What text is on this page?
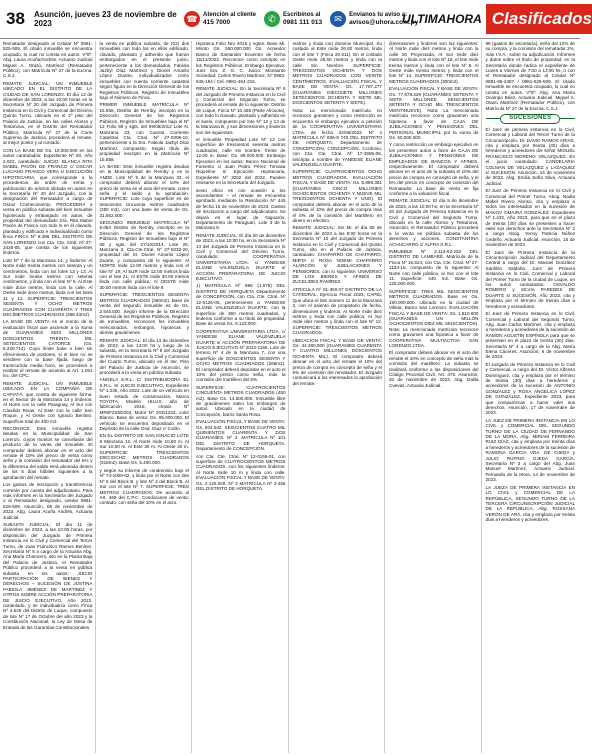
38	Asunción, jueves 23 de noviembre de 2023	☎ Atención al cliente
415 7000	✆	Escribinos al
0981 111 013	✉	Envianos tu aviso a:
avisos@uhora.com.py
ULTIMAHORA Clasificados

Rematador designado al Celular Nº 0981-525-509. El citado inmueble se encuentra ocupado, lo cual no consta en autos. Vº8º: Abg. Laura Acuña/Andrés, Actuario Judicial Miguel A. Otazú, Martínez (Rematador Público), con Matrícula Nº 27 de la Excma. C.S.J.

REMATE JUDICIAL: UN INMUEBLE UBICADO EN EL DISTRITO DE LA CIUDAD DE SAN LORENZO. El día 13 de diciembre de 2023, a las 10:00 horas en la Secretaría Nº 20 del Juzgado de Primera Instancia en lo Civil y Comercial del Décimo Quinto Turno, ubicado en el 2º piso del Palacio de Justicia, en las calles Alonso y Testanova, en el Distrito del Rematador Público, Matrícula Nº 27 de la Corte Suprema de Justicia, procederá al remate, al mejor postor y al contado.

CON LA BASE DE Gs. 16.000.000 en los autos caratulados: Expediente Nº 50, Año 2.022, caratulado: JUICIO: BLANCA RITA MABEL PAVÓN DE FRANCO c/ OSCAR LUCIANO FRANCO VERA s/ EJECUCIÓN HIPOTECARIA, que corresponde a la procedencia de orden de venta y publicación de edictos dictada en autos en la Secretaría Nº 20 del Juzgado, con la designación del Rematador a cargo de Oscar Conhecimiento, PROCEDERÁ a venta en pública subasta del bien inmueble hipotecado y embargado en autos, de propiedad del demandado Sra. Rita Mabel Pavón de Franco con todo lo en él clavado, plantado y edificado e individualizado como finca FINCA Nº 8.396 DEL DISTRITO DE SAN LORENZO con Cta. Cte. Ctral. Nº 27-3426-05, que consta de los siguientes linderos.

Lote Nº 7 de la Manzana 14, y linderos: Al Norte mide treinta metros con setenta y un centímetros, linda con los lotes 13 y 13. Al Sur mide treinta metros con setenta centímetros, y linda con el lote Nº 6. Al Este mide doce metros, linda con la calle. Al Oeste mide doce metros, linda con los lotes 11 y 12. SUPERFICIE: TRESCIENTOS SESENTA Y OCHO METROS CUADRADOS CON CUARENTA Y TRES DECÍMETROS CUADRADOS (368.43m2).

LA BASE DE VENTA es el monto de la evaluación fiscal que asciende a la suma de GUARANÍES SEIS MILLONES DOSCIENTOS TREINTA MIL SETECIENTOS CATORCE (Gs. 6.230.714). Cuyo límite base o bien sin ofrecimiento de postores, si el bien no se vendiere con la base fijada, luego de transcurrida media hora, se procederá a realizar el remate de acuerdo al Art. 1.091 inc. del CPC.

REMATE JUDICIAL: UN INMUEBLE UBICADO EN LA COMPAÑÍA DE CAPIATÁ, que consta de siguiente forma: en el Sector de la Manzana 14 y linderos: Al Norte con la calle Paraguay, Al Sur con Cándido Rivas, Al Este con la calle San Roque, y Al Oeste con Ignacio Benítez. Superficie total de 400 m2.

RECONOCE: Este inmueble registra deudas en la Municipalidad de San Lorenzo, cuyos montos se cancelarán del producto de la venta del inmueble. El comprador deberá abonar en el acto del remate el 10% del precio de venta como seña y la comisión del rematador del 5% y la diferencia del saldo será abonada dentro de los 5 días hábiles siguientes a la aprobación del remate.

Los gastos de inscripción y transferencia correrán por cuenta del adjudicatario. Para más informes en la Secretaría del Juzgado o al Rematador designado, celular 0981-525-509. Asunción, 08 de noviembre de 2023. Abg. Laura Acuña Andrés, Actuaria Judicial.

SUBASTA JUDICIAL: El día 11 de diciembre de 2023, a las 10:00 horas, por disposición del Juzgado de Primera Instancia en lo Civil y Comercial del Tercer Turno, de Juan Francisco Ramos Benítez, Secretaría Nº 5 a cargo de la Actuaria Abg. Ana María Chamorro, sito en la Planta Baja del Palacio de Justicia, el Rematador Público procederá a la venta en pública subasta en los autos: JUICIO PARTICIPACIÓN DE BIENES Y DERECHOS – SUCESIÓN DE JUSTINA FABIOLA JIMÉNEZ DE MARTÍNEZ Y OTROS SOBRE ACCIÓN PREPARATORIA DE JUICIO EJECUTIVO, Año 2022, caratulado, y se individualiza como Finca Nº 4.526 del Distrito de Luque, compuesto de lote Nº 17 de Octubre del año 2023 y la Constitución Nacional, la Ley de Mesa de Entrada de las Garantías Constitucionales.

la venta en pública subasta, de (02) dos inmuebles con todo los en ellos edificado, clavado, plantado y adherido que fueran embargados en el presente juicio, perteneciente a los demandados, Fabiola Jazbyl Díaz Martínez y Dionel Amarilo López Duarte, individualizados como inmuebles con cuenta corriente catastral según figura en la Dirección General de los Registros Públicos, Registro de Inmuebles bajo el Número de Finca.

PRIMER INMUEBLE MATRÍCULA Nº 15.858, Distrito de Remby, inscripto en la Dirección General de los Registros Públicos, Registro de Inmuebles bajo el Nº 12 Folio 69 y sgts. del 09/08/2012 Lote N. Manzana 33, con Cuenta Corriente Catastral Cta. Ctral. Nº 27-0308-10, perteneciente a la Sra. Fabiola Jazbyl Díaz Martínez, compuesto. Según título de propiedad inscripto en la Matrícula Nº 15.858.

LA BASE: Este inmueble registra deudas en la Municipalidad de Remby y en la ANDE. Lote Nº 5 de la Manzana 33, el comprador deberá abonar el 10% del precio de venta en el acto del remate, como seña y el saldo a la aprobación. SUPERFICIE: Lote cuya superficie es de trescientos cincuenta metros cuadrados (350 m2), con una base de venta de Gs. 31.562.000.

SEGUNDO INMUEBLE MATRÍCULA Nº 8.084 Distrito de Ñemby, inscripto en la Dirección General de los Registros Públicos, Registro de Inmuebles bajo el Nº 69 y sgts. del 27/10/2014, Lote 20, Manzana 2, Cta.Cte.Ctral. Nº 27-0332-20, propiedad del Sr. Dionel Amarilo López Duarte, y compuesto de lo siguiente: Al NORTE mide 12.00 metros y linda con el lote Nº 19; Al SUR mide 12.00 metros linda con el lote 21; Al ESTE mide 30.00 metros linda con calle pública; Al OESTE mide 30.00 metros linda con el lote 9.

SUPERFICIE: TRESCIENTOS SESENTA METROS CUADRADOS (360m2). Base de venta del segundo inmueble es de Gs. 2.545.500. Según informe de la Dirección General de los Registros Públicos, Registro de Inmuebles, reconocen los inmuebles mencionados, embargos, hipotecas y demás gravámenes.

REMATE JUDICIAL: El día 13 de diciembre de 2023, a las 14:00 hs y luego de la subasta, en la Secretaría Nº 8 del Juzgado de Primera Instancia en lo Civil y Comercial del Cuarto Turno, ubicado en el 3er. Piso del Palacio de Justicia de Asunción, se procederá a la venta en pública subasta.

ANGELA S.R.L. C/ DISTRIBUIDORA EL S.R.L. S/ JUICIO EJECUTIVO, Expediente Nº 1.235, Año 2022. Lote de un vehículo en buen estado de conservación, Marca TOYOTA, Modelo HILUX, año de fabricación 2018, chasis Nº MR0FZ29G002, Motor Nº 2GD1234, color Blanco. Base de venta: Gs. 95.000.000. El vehículo se encuentra depositado en el Depósito de la calle Gral. Díaz c/ Colón.

EN EL DISTRITO DE SAN IGNACIO LOTE 8 Manzana 12. Al Norte mide 10.60 m. Al Sur 10.60 m. Al Este 30 m. Al Oeste 30 m. SUPERFICIE: TRESCIENTOS DIECIOCHO METROS CUADRADOS (318m2). Base Gs. 5.400.000.

y según su informe de condominio bajo el Nº 74-1009-02, y linda por el Norte con lote Nº 5 del Block B. y lote Nº 3 del Block B. Al Sur con el lote Nº 7. SUPERFICIE: TRES METROS CUADRADOS. De acuerdo al Art. 469 del C.P.C. Condiciones de venta: contado, con seña del 10% en el acto.

Hipoteca Folio Nro 4016 y sgtes. Base Mi. Monto Gs. 550.000.000 Gs. Acreedor Banco de Santander Ecuentro de fecha 15/12/2022. Reconoce como inscripto en los Registros Públicos. Embargo Ejecutivo: Juez Sra. Z. G. C. Juicio: Monsanto Sociedad: Carlos Rivero Martínez. Nº 0983-545-154 / Cel. 0981-454-215.

REMATE JUDICIAL: En la Secretaría Nº 5 del Juzgado de Primera Instancia en lo Civil y Comercial del Segundo Turno, se procederá al remate de lo siguiente: Distrito de Luque, Finca Nº 10.455 (Parte Alícuota), con todo lo clavado, plantado y adherido en el suelo, compuesto por lote Nº 12 y 13 de la Manzana B, y sus dimensiones y linderos son los siguientes.

el inmueble Propiedad Lote Nº 12 con superficie de trescientos sesenta metros cuadrados, calle sin nombre, frente de 12.00 m. Base: Gs. 89.000.000. Embargo Ejecutivo en los autos: Banco Nacional de Fomento c/ Juan Pedro Pérez Tomasa Riquelme s/ Ejecución Hipotecaria, Expediente Nº 3002 del 2022. Pueden revisarse en la Secretaría del Juzgado.

sexto oficio es con ocasión a los ascendientes – el remate se encuentra aprobado mediante la Resolución Nº 445 de fecha 15 de noviembre de 2023. Gastos de inscripción a cargo del adjudicatario. Se dejará en el lugar de Yaguarón, Departamento de Paraguarí, Lote 3 de la Manzana 9.

REMATE JUDICIAL: El día 20 de diciembre de 2023, a las 10:00 hs, en la Secretaría Nº 14 del Juzgado de Primera Instancia en lo Civil y Comercial del Décimo Turno, caratulado: COOPERATIVA UNIVERSITARIA LTDA. c/ YANEESE ELIANE VALENZUELA DUARTE s/ ACCIÓN PREPARATORIA DE JUICIO EJECUTIVO.

1) MATRÍCULA Nº 886 (1.576) DEL DISTRITO DE HORQUETA Departamento de CONCEPCIÓN, con Cta. Cte. Ctral. Nº 12-0126-05, perteneciente a YANEESE ELIANE VALENZUELA DUARTE, con la superficie de 360 metros cuadrados, y linderos conforme a su título de propiedad. Base de venta Gs. 9.123.000.

COOPERATIVA UNIVERSITARIA LTDA. c/ YANEESE ELIANE VALENZUELA DUARTE s/ ACCIÓN PREPARATORIA DE JUICIO EJECUTIVO Nº 2022-1155, Lote de terreno Nº 4 de la Manzana 7, con una superficie de DOSCIENTOS SESENTA Y OCHO METROS CUADRADOS (268m2). El comprador deberá depositar en el acto el 10% del precio como seña, más la comisión del martillero del 5%.

SUPERFICIE: CUATROCIENTOS CINCUENTA METROS CUADRADOS (450 m2). Base Gs. 14.500.000. Inmueble libre de gravámenes salvo los embargos de autos. Ubicado en la ciudad de Concepción, barrio Santa Rosa.

EVALUACIÓN FISCAL Y BASE DE VENTA: Gs. 604.542. SEISCIENTOS CUATRO MIL QUINIENTOS CUARENTA Y DOS GUARANÍES. Nº 2. MATRÍCULA Nº 101 DEL DISTRITO DE HORQUETA. Departamento de CONCEPCIÓN.

con Cta. Cte. Ctral. Nº 12-0156-01, con superficie de CUATROCIENTOS METROS CUADRADOS, con los siguientes linderos: Al Norte mide 10 m y linda con calle. EVALUACIÓN FISCAL Y BASE DE VENTA: Gs. 2.125.000. Nº 3 MATRÍCULA Nº 3.456 DEL DISTRITO DE HORQUETA.

metros y linda con dominio Municipal. Su costado al Este mide 26,60 metros, linda con el lote 7 (Finca 20.911). En el costado Oeste mide 26,60 metros y linda con la calle Sin Nombre. SUPERFICIE: TRESCIENTOS OCHENTA Y DOS METROS CUADRADOS CON VEINTE CENTÍMETROS. EVALUACIÓN FISCAL Y BASE DE VENTA: Gs. 17.787.277 (GUARANÍES DIECISIETE MILLONES SETECIENTOS OCHENTA Y SIETE MIL DOSCIENTOS SETENTA Y SIETE).

Nota: La mencionada matrícula no reconoce gravamen y como restricción se encuentra el embargo ejecutivo a petición de la COOPERATIVA UNIVERSITARIA LTDA. de fecha 22/06/2022. Nº 4 MATRÍCULA Nº 806-9 740 DEL DISTRITO DE HORQUETA, Departamento de CONCEPCIÓN, CONCEPCIÓN, Ccrdonio, con Cta. Cte. Ctral. Nº 17-3995-05, inscripta a nombre de YANEESE ELIANE VALENZUELA DUARTE.

SUPERFICIE: CUATROCIENTOS OCHO METROS CUADRADOS. EVALUACIÓN FISCAL Y BASE DE VENTA: Gs. 5.889.381 (GUARANÍES CINCO MILLONES OCHOCIENTOS OCHENTA Y NUEVE MIL TRESCIENTOS OCHENTA Y UNO). El comprador deberá abonar en el acto de la subasta el 10% del precio de compra más el 5% de la comisión del Martillero en dinero en efectivo.

REMATE JUDICIAL: Sin Mi. el día 05 de diciembre de 2023 a las 9:00 horas en la Secretaría Nº 10 del Juzgado de Primera Instancia en lo Civil y Comercial del Quinto Turno, sito en el Palacio de Justicia, caratulado: CHAPARRO DE CHAPARRO, MIRTA c/ ROSA NOEMI CHAPARRO ALARCÓN s/ JUBILACIONES Y PENSIONES, con lo siguiente: UNIVERSO DE LOS BIENES Y AFINES DE ZUCELIDES RAMÍREZ.

ATRICULA Nº 01-350.07 DISTRITO DE LA CATEDRAL, Ejercicio Fiscal 2023, CAPEL Que ubica el lote número 11 de la Manzana 3, con el asiento de propietario de fecha, dimensiones y linderos: Al Norte mide diez metros y linda con calle pública, Al Sur mide diez metros y linda con el lote Nº 12. SUPERFICIE: TRESCIENTOS METROS CUADRADOS.

UBICACIÓN FISCAL Y BASE DE VENTA: Gs. 44.280.000 (GUARANÍES CUARENTA Y CUATRO MILLONES DOSCIENTOS OCHENTA MIL). El comprador deberá abonar en el acto del remate el 10% del precio de compra en concepto de seña y el 5% de comisión del rematador. El Juzgado comunicará a los interesados la aprobación del remate.

dimensiones y linderos son los siguientes: Al Norte mide diez metros y linda con la calle 20 Proyectada, Al Sur mide diez metros y linda con el lote Nº 16; el lote mide treinta metros y linda con el lote Nº 8. Al Oeste mide treinta metros y linda con el lote Nº 14. SUPERFICIE: TRESCIENTOS METROS CUADRADOS (300m2).

EVALUACIÓN FISCAL Y BASE DE VENTA: Gs. 77.678.329 (GUARANÍES SETENTA Y SIETE MILLONES SEISCIENTOS SETENTA Y OCHO MIL TRESCIENTOS VEINTINUEVE). Nota: La mencionada matrícula reconoce como gravamen una hipoteca a favor de CAJA DE JUBILACIONES Y PENSIONES DEL PERSONAL MUNICIPAL por la suma de Gs. 50.000.000.

Y como restricción un embargo ejecutivo en los presentes autos a favor de CAJA DE JUBILACIONES Y PENSIONES DE EMPLEADOS DE BANCOS Y AFINES, respectivamente. El comprador deberá abonar en el acto de la subasta el 10% del precio de compra en concepto de seña, y el 5% del precio en concepto de comisión del Rematador. La base de venta se fija conforme a la valuación fiscal.

REMATE JUDICIAL: El día 5 de diciembre de 2023, a las 10:00 hs, en la Secretaría Nº 20 del Juzgado de Primera Instancia en lo Civil y Comercial del Segundo Turno, ubicado en la calle Alonso y Testanova, Asunción, el Rematador Público procederá a la venta en pública subasta de los derechos y acciones. CONSTANTINA ACHUCARRO c/ ALFRA S.R.L.

INMUEBLE Nº 2.113-63-252 DEL DISTRITO DE LAMBARÉ, Matrícula de la Finca Nº 16.524, con Cta. Cte. Ctral. Nº 27-1133-15, compuesto de lo siguiente: Al Norte con calle pública, al Sur con el lote 11. Superficie: 440 m2. Base Gs. 125.000.000.

SUPERFICIE: TRES MIL SEISCIENTOS METROS CUADRADOS. Base en Gs. 190.000.000. Ubicado en la ciudad de Villeta, Barrio San Lorenzo. EVALUACIÓN FISCAL Y BASE DE VENTA: Gs. 1.810.600 (GUARANÍES UN MILLÓN OCHOCIENTOS DIEZ MIL SEISCIENTOS). Nota: La mencionada matrícula reconoce como gravamen una hipoteca a favor de COOPERATIVA MULTIACTIVA SAN LORENZO LTDA.

El comprador deberá abonar en el acto del remate el 10% en concepto de seña más la comisión del martillero. La subasta se realizará conforme a las disposiciones del Código Procesal Civil, Art. 476. Asunción, 20 de noviembre de 2023. Abg. Dalila Cuevas, Actuaria Judicial.

98 (gastos de secretaría), seña del 10% de su compra, y la comisión del rematador 2%, más I.V.A., sobre su adjudicación. Informes y datos sobre el título de propiedad, en la Secretaría donde radica el expediente de Lunes a Viernes de 7:00 a 13:00 hs, o con el Rematador designado al Celular Nº 0981-96-2487 / 0981-525-509. El citado inmueble se encuentra ocupado, lo cual no consta en autos. Vº8º: Abg. Ana María Ocampo Báez, Actuaria Judicial. Miguel A. Otazú Martínez (Rematador Público), con Matrícula Nº 27 de la Excma. C.S.J.

SUCESIONES

El Juez de primera instancia en lo Civil, Comercial y Laboral del Tercer Turno de la Circunscripción, Dr. DAVID RAMOS ARIAS, cita y emplaza por treinta (30) días a herederos y acreedores del señor MIGUEL FRANCISCO MORENO VELAZQUEZ. En el juicio caratulado: CANDELARIA COLMAN DE VELAZQUEZ y LAZAQUEZ s/ SUCESIÓN. Asunción, 14 de noviembre de 2023. Abg. Emilia Sofía Silva, Actuaria Judicial.

El Juez de Primera Instancia en lo Civil y Comercial del Primer Turno, Abog. Nadia Mabel Rivero Alonso, cita y emplaza a todos los interesados en la sucesión de MAKOV OMAIRA GONZÁLEZ: Expediente Nº 1.432, Año 2023, para que en el plazo de treinta (30) días se presenten a hacer valer sus derechos ante la Secretaría Nº 2 a cargo Abog. Yenny Patricia Núñez Cedeño, Actuaria Judicial. Asunción, 16 de noviembre de 2023.

El Juez de Primera Instancia de la Circunscripción Judicial del Departamento Central a cargo del Dr. Manuel González Sanfilón Saldaña, Juez de Primera Instancia en lo Civil, Comercial y Laboral del Primer Turno de la ciudad de Luque, en los autos caratulados: OSVALDO ROMERO y SILVIA PAREDES DE DUARTE s/ SUCESIÓN, Año 2023, cita y emplaza por el término de treinta días a herederos y acreedores.

El Juez de Primera Instancia en lo Civil, Comercial y Laboral del Segundo Turno, Abg. Juan Carlos Martínez, cita y emplaza a herederos y acreedores de la sucesión de RAMÓN AGUSTÍN ESPÍNOLA para que se presenten en el plazo de treinta (30) días. Secretaría Nº 4 a cargo de la Abg. María Elena Cáceres. Asunción, 6 de noviembre de 2023.

El Juzgado de Primera Instancia en lo Civil y Comercial, a cargo del Dr. Víctor Alfonso Domínguez, cita y emplaza por el término de treinta (30) días a herederos y acreedores de la sucesión de ANTONIO GONZÁLEZ y ROSA ANGÉLICA LÓPEZ DE GONZÁLEZ, Expediente 2023, para que comparezcan a hacer valer sus derechos. Asunción, 17 de noviembre de 2023.

LA JUEZ DE PRIMERA INSTANCIA EN LO CIVIL y COMERCIAL DEL SEGUNDO TURNO DE LA CIUDAD DE FERNANDO DE LA MORA, Abg. MIRIAM FERREIRA RUIZ DÍAZ, cita y emplaza por treinta días a herederos y acreedores de la sucesión de RAMONA GARCÍA VDA. DE OJEDA y JULIO RUFINO OJEDA GARCÍA. Secretaría Nº 3 a cargo del Abg. Juan Manuel Martínez, Actuario Judicial. Fernando de la Mora, 14 de noviembre de 2023.

LA JUEZA DE PRIMERA INSTANCIA EN LO CIVIL y COMERCIAL DE LA REPÚBLICA, SEGUNDO TURNO DE LA TERCERA CIRCUNSCRIPCIÓN JUDICIAL DE LA REPÚBLICA, Abg. ROSSANA VERÓN DE ARÁ, cita y emplaza por treinta días a herederos y acreedores.
